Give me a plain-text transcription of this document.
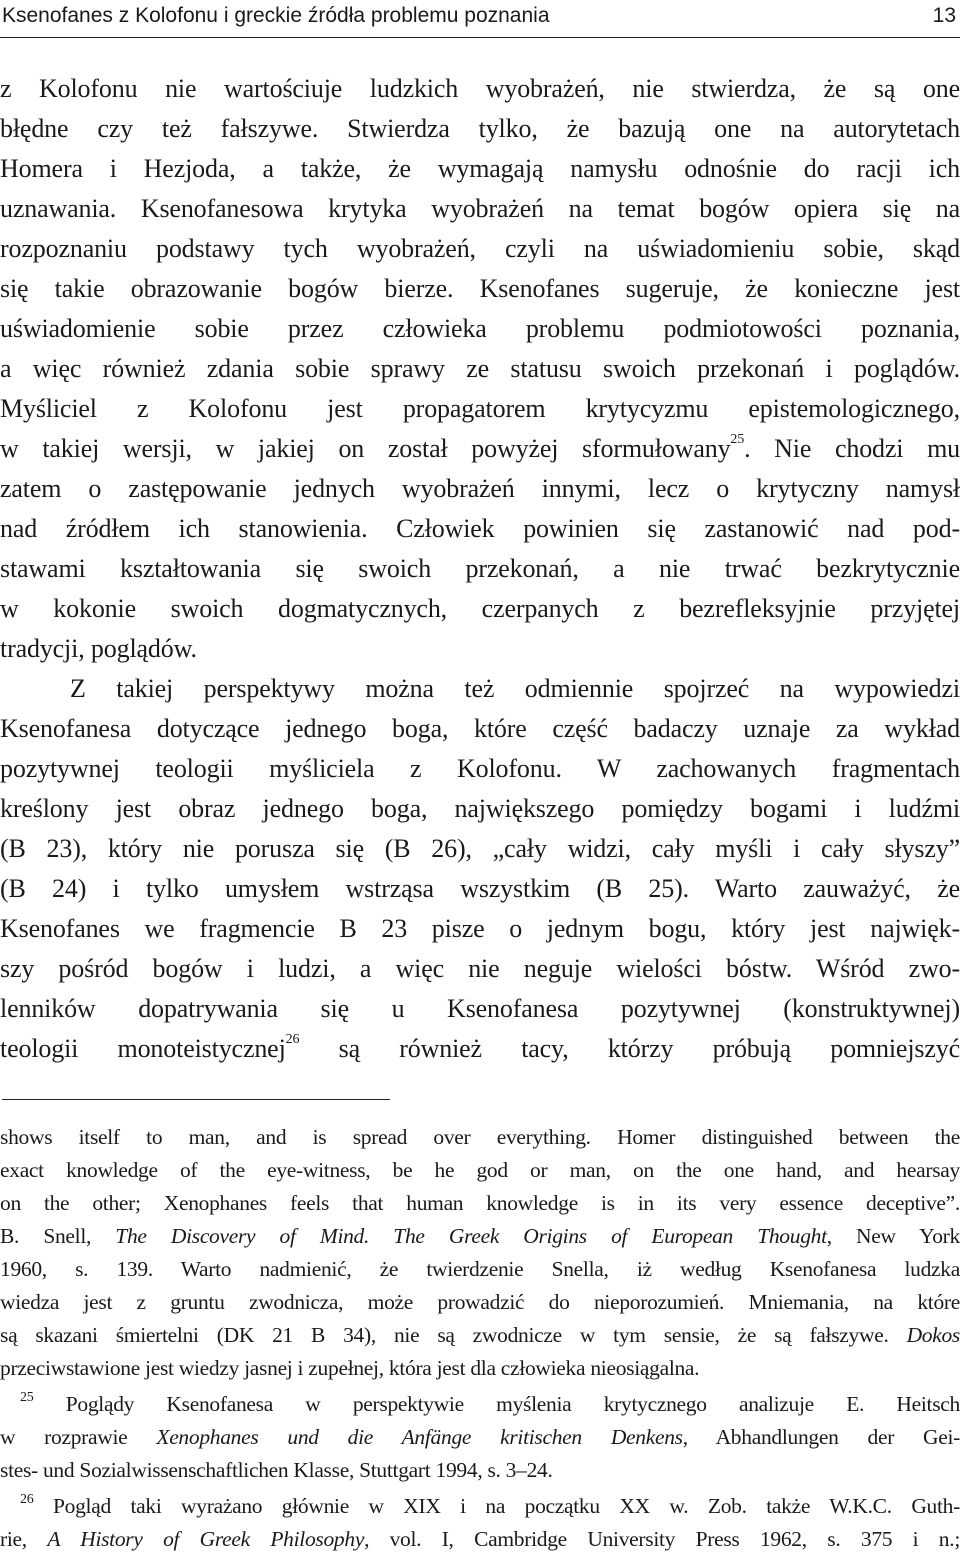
Ksenofanes z Kolofonu i greckie źródła problemu poznania	13
z Kolofonu nie wartościuje ludzkich wyobrażeń, nie stwierdza, że są one
błędne czy też fałszywe. Stwierdza tylko, że bazują one na autorytetach
Homera i Hezjoda, a także, że wymagają namysłu odnośnie do racji ich
uznawania. Ksenofanesowa krytyka wyobrażeń na temat bogów opiera się na
rozpoznaniu podstawy tych wyobrażeń, czyli na uświadomieniu sobie, skąd
się takie obrazowanie bogów bierze. Ksenofanes sugeruje, że konieczne jest
uświadomienie sobie przez człowieka problemu podmiotowości poznania,
a więc również zdania sobie sprawy ze statusu swoich przekonań i poglądów.
Myśliciel z Kolofonu jest propagatorem krytycyzmu epistemologicznego,
w takiej wersji, w jakiej on został powyżej sformułowany$^{25}$. Nie chodzi mu
zatem o zastępowanie jednych wyobrażeń innymi, lecz o krytyczny namysł
nad źródłem ich stanowienia. Człowiek powinien się zastanowić nad pod-
stawami kształtowania się swoich przekonań, a nie trwać bezkrytycznie
w kokonie swoich dogmatycznych, czerpanych z bezrefleksyjnie przyjętej
tradycji, poglądów.
Z takiej perspektywy można też odmiennie spojrzeć na wypowiedzi
Ksenofanesa dotyczące jednego boga, które część badaczy uznaje za wykład
pozytywnej teologii myśliciela z Kolofonu. W zachowanych fragmentach
kreślony jest obraz jednego boga, największego pomiędzy bogami i ludźmi
(B 23), który nie porusza się (B 26), „cały widzi, cały myśli i cały słyszy”
(B 24) i tylko umysłem wstrząsa wszystkim (B 25). Warto zauważyć, że
Ksenofanes we fragmencie B 23 pisze o jednym bogu, który jest najwięk-
szy pośród bogów i ludzi, a więc nie neguje wielości bóstw. Wśród zwo-
lenników dopatrywania się u Ksenofanesa pozytywnej (konstruktywnej)
teologii monoteistycznej$^{26}$ są również tacy, którzy próbują pomniejszyć
shows itself to man, and is spread over everything. Homer distinguished between the
exact knowledge of the eye-witness, be he god or man, on the one hand, and hearsay
on the other; Xenophanes feels that human knowledge is in its very essence deceptive”.
B. Snell, The Discovery of Mind. The Greek Origins of European Thought, New York
1960, s. 139. Warto nadmienić, że twierdzenie Snella, iż według Ksenofanesa ludzka
wiedza jest z gruntu zwodnicza, może prowadzić do nieporozumień. Mniemania, na które
są skazani śmiertelni (DK 21 B 34), nie są zwodnicze w tym sensie, że są fałszywe. Dokos
przeciwstawione jest wiedzy jasnej i zupełnej, która jest dla człowieka nieosiągalna.
$^{25}$ Poglądy Ksenofanesa w perspektywie myślenia krytycznego analizuje E. Heitsch
w rozprawie Xenophanes und die Anfänge kritischen Denkens, Abhandlungen der Gei-
stes- und Sozialwissenschaftlichen Klasse, Stuttgart 1994, s. 3–24.
$^{26}$ Pogląd taki wyrażano głównie w XIX i na początku XX w. Zob. także W.K.C. Guth-
rie, A History of Greek Philosophy, vol. I, Cambridge University Press 1962, s. 375 i n.;
